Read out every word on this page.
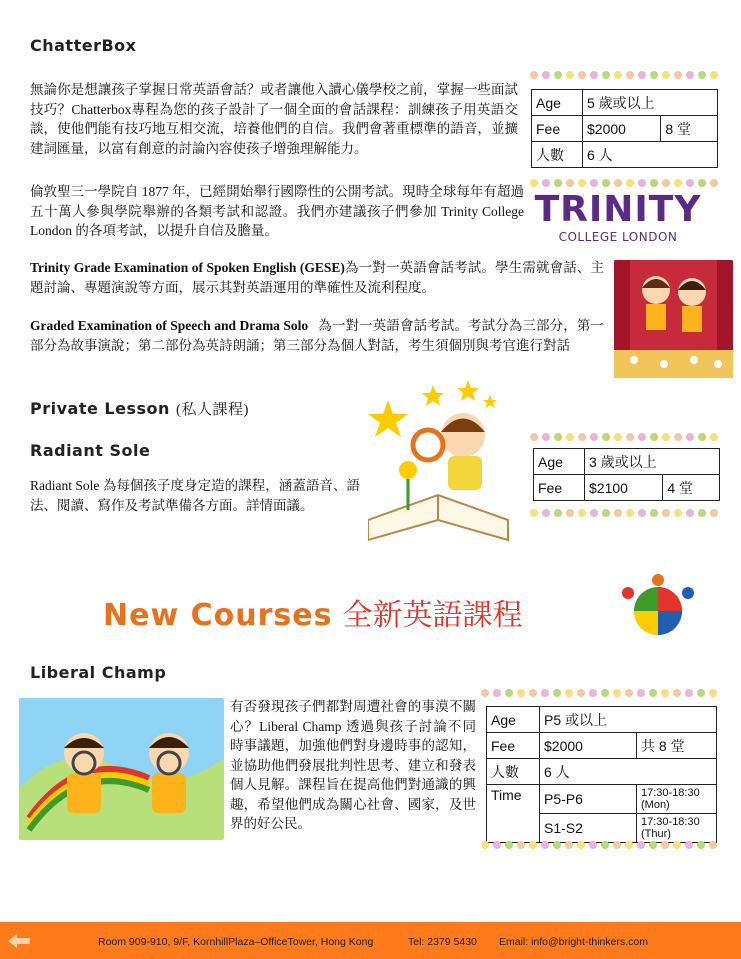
ChatterBox
無論你是想讓孩子掌握日常英語會話？或者讓他入讀心儀學校之前，掌握一些面試技巧？Chatterbox專程為您的孩子設計了一個全面的會話課程：訓練孩子用英語交談，使他們能有技巧地互相交流，培養他們的自信。我們會著重標準的語音，並擴建詞匯量，以富有創意的討論內容使孩子增強理解能力。
Age	5 歲或以上	
Fee	$2000	8 堂
人數	6 人	
倫敦聖三一學院自 1877 年，已經開始舉行國際性的公開考試。現時全球每年有超過五十萬人參與學院舉辦的各類考試和認證。我們亦建議孩子們參加 Trinity College London 的各項考試，以提升自信及膽量。
TRINITY
COLLEGE LONDON
Trinity Grade Examination of Spoken English (GESE)為一對一英語會話考試。學生需就會話、主題討論、專題演說等方面，展示其對英語運用的準確性及流利程度。
Graded Examination of Speech and Drama Solo 為一對一英語會話考試。考試分為三部分，第一部分為故事演說；第二部份為英詩朗誦；第三部分為個人對話，考生須個別與考官進行對話
Private Lesson (私人課程)
Radiant Sole
Age	3 歲或以上	
Fee	$2100	4 堂
Radiant Sole 為每個孩子度身定造的課程，涵蓋語音、語法、閱讀、寫作及考試準備各方面。詳情面議。
New Courses 全新英語課程
Liberal Champ
有否發現孩子們都對周遭社會的事漠不關心？Liberal Champ 透過與孩子討論不同時事議題，加強他們對身邊時事的認知，並協助他們發展批判性思考、建立和發表個人見解。課程旨在提高他們對通識的興趣，希望他們成為關心社會、國家，及世界的好公民。
Age	P5 或以上	
Fee	$2000	共 8 堂
人數	6 人	
Time	P5-P6	17:30-18:30 (Mon)
	S1-S2	17:30-18:30 (Thur)
Room 909-910, 9/F, KornhillPlaza–OfficeTower, Hong Kong	Tel: 2379 5430 Email: info@bright-thinkers.com
